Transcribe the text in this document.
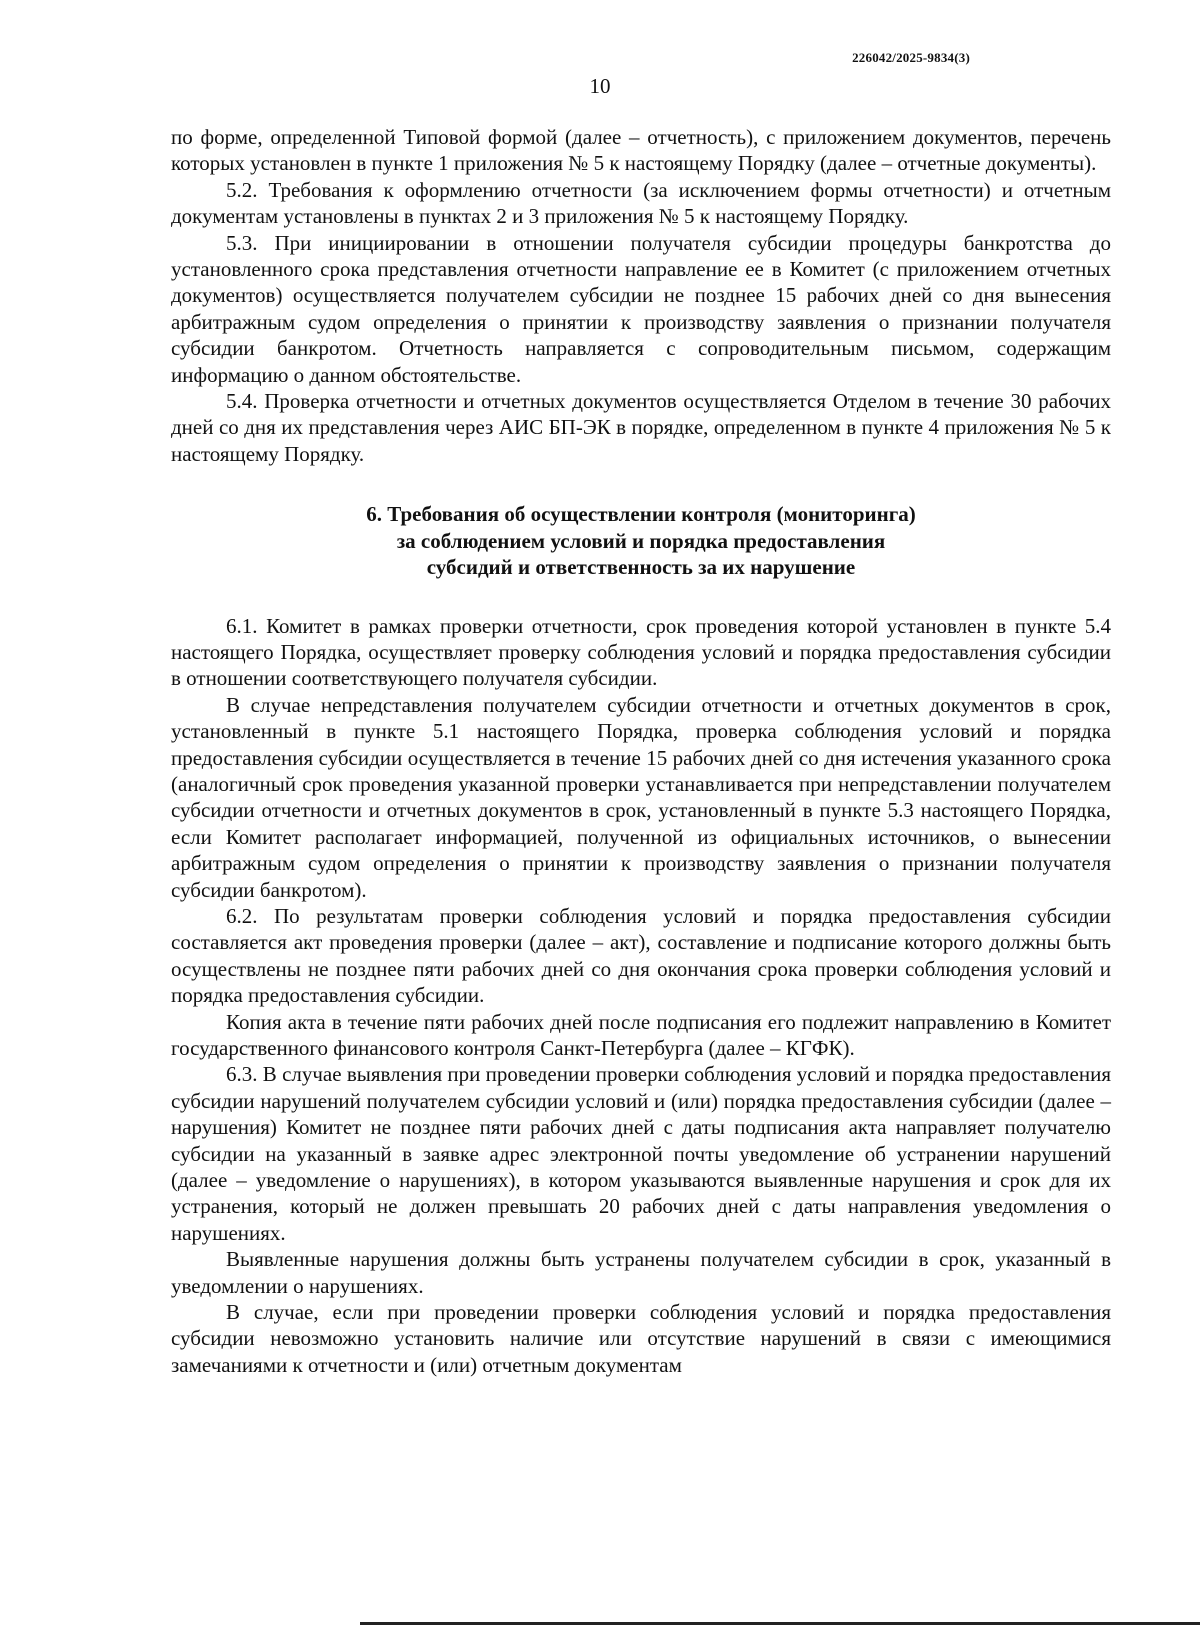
226042/2025-9834(3)
10

по форме, определенной Типовой формой (далее – отчетность), с приложением документов, перечень которых установлен в пункте 1 приложения № 5 к настоящему Порядку (далее – отчетные документы).

5.2. Требования к оформлению отчетности (за исключением формы отчетности) и отчетным документам установлены в пунктах 2 и 3 приложения № 5 к настоящему Порядку.

5.3. При инициировании в отношении получателя субсидии процедуры банкротства до установленного срока представления отчетности направление ее в Комитет (с приложением отчетных документов) осуществляется получателем субсидии не позднее 15 рабочих дней со дня вынесения арбитражным судом определения о принятии к производству заявления о признании получателя субсидии банкротом. Отчетность направляется с сопроводительным письмом, содержащим информацию о данном обстоятельстве.

5.4. Проверка отчетности и отчетных документов осуществляется Отделом в течение 30 рабочих дней со дня их представления через АИС БП-ЭК в порядке, определенном в пункте 4 приложения № 5 к настоящему Порядку.

6. Требования об осуществлении контроля (мониторинга)
за соблюдением условий и порядка предоставления
субсидий и ответственность за их нарушение

6.1. Комитет в рамках проверки отчетности, срок проведения которой установлен в пункте 5.4 настоящего Порядка, осуществляет проверку соблюдения условий и порядка предоставления субсидии в отношении соответствующего получателя субсидии.

В случае непредставления получателем субсидии отчетности и отчетных документов в срок, установленный в пункте 5.1 настоящего Порядка, проверка соблюдения условий и порядка предоставления субсидии осуществляется в течение 15 рабочих дней со дня истечения указанного срока (аналогичный срок проведения указанной проверки устанавливается при непредставлении получателем субсидии отчетности и отчетных документов в срок, установленный в пункте 5.3 настоящего Порядка, если Комитет располагает информацией, полученной из официальных источников, о вынесении арбитражным судом определения о принятии к производству заявления о признании получателя субсидии банкротом).

6.2. По результатам проверки соблюдения условий и порядка предоставления субсидии составляется акт проведения проверки (далее – акт), составление и подписание которого должны быть осуществлены не позднее пяти рабочих дней со дня окончания срока проверки соблюдения условий и порядка предоставления субсидии.

Копия акта в течение пяти рабочих дней после подписания его подлежит направлению в Комитет государственного финансового контроля Санкт-Петербурга (далее – КГФК).

6.3. В случае выявления при проведении проверки соблюдения условий и порядка предоставления субсидии нарушений получателем субсидии условий и (или) порядка предоставления субсидии (далее – нарушения) Комитет не позднее пяти рабочих дней с даты подписания акта направляет получателю субсидии на указанный в заявке адрес электронной почты уведомление об устранении нарушений (далее – уведомление о нарушениях), в котором указываются выявленные нарушения и срок для их устранения, который не должен превышать 20 рабочих дней с даты направления уведомления о нарушениях.

Выявленные нарушения должны быть устранены получателем субсидии в срок, указанный в уведомлении о нарушениях.

В случае, если при проведении проверки соблюдения условий и порядка предоставления субсидии невозможно установить наличие или отсутствие нарушений в связи с имеющимися замечаниями к отчетности и (или) отчетным документам
